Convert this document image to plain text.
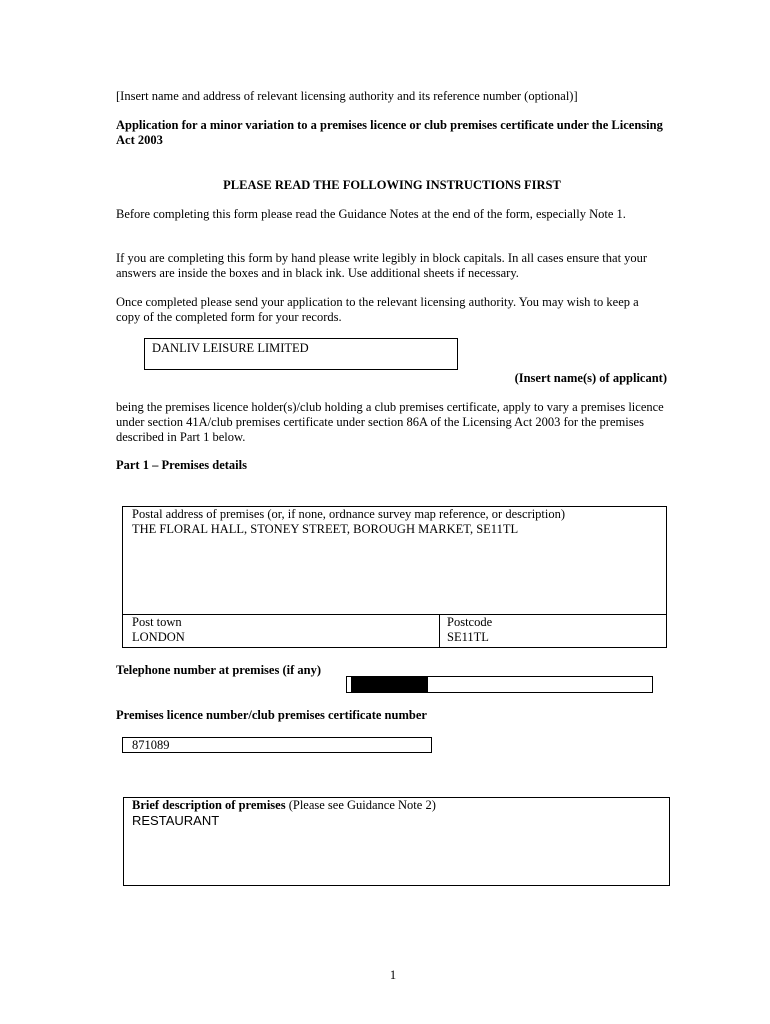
[Insert name and address of relevant licensing authority and its reference number (optional)]
Application for a minor variation to a premises licence or club premises certificate under the Licensing Act 2003
PLEASE READ THE FOLLOWING INSTRUCTIONS FIRST
Before completing this form please read the Guidance Notes at the end of the form, especially Note 1.
If you are completing this form by hand please write legibly in block capitals. In all cases ensure that your answers are inside the boxes and in black ink. Use additional sheets if necessary.
Once completed please send your application to the relevant licensing authority. You may wish to keep a copy of the completed form for your records.
DANLIV LEISURE LIMITED
(Insert name(s) of applicant)
being the premises licence holder(s)/club holding a club premises certificate, apply to vary a premises licence under section 41A/club premises certificate under section 86A of the Licensing Act 2003 for the premises described in Part 1 below.
Part 1 – Premises details
Postal address of premises (or, if none, ordnance survey map reference, or description)
THE FLORAL HALL, STONEY STREET, BOROUGH MARKET, SE11TL
Post town
LONDON
Postcode
SE11TL
Telephone number at premises (if any)
Premises licence number/club premises certificate number
871089
Brief description of premises (Please see Guidance Note 2)
RESTAURANT
1
